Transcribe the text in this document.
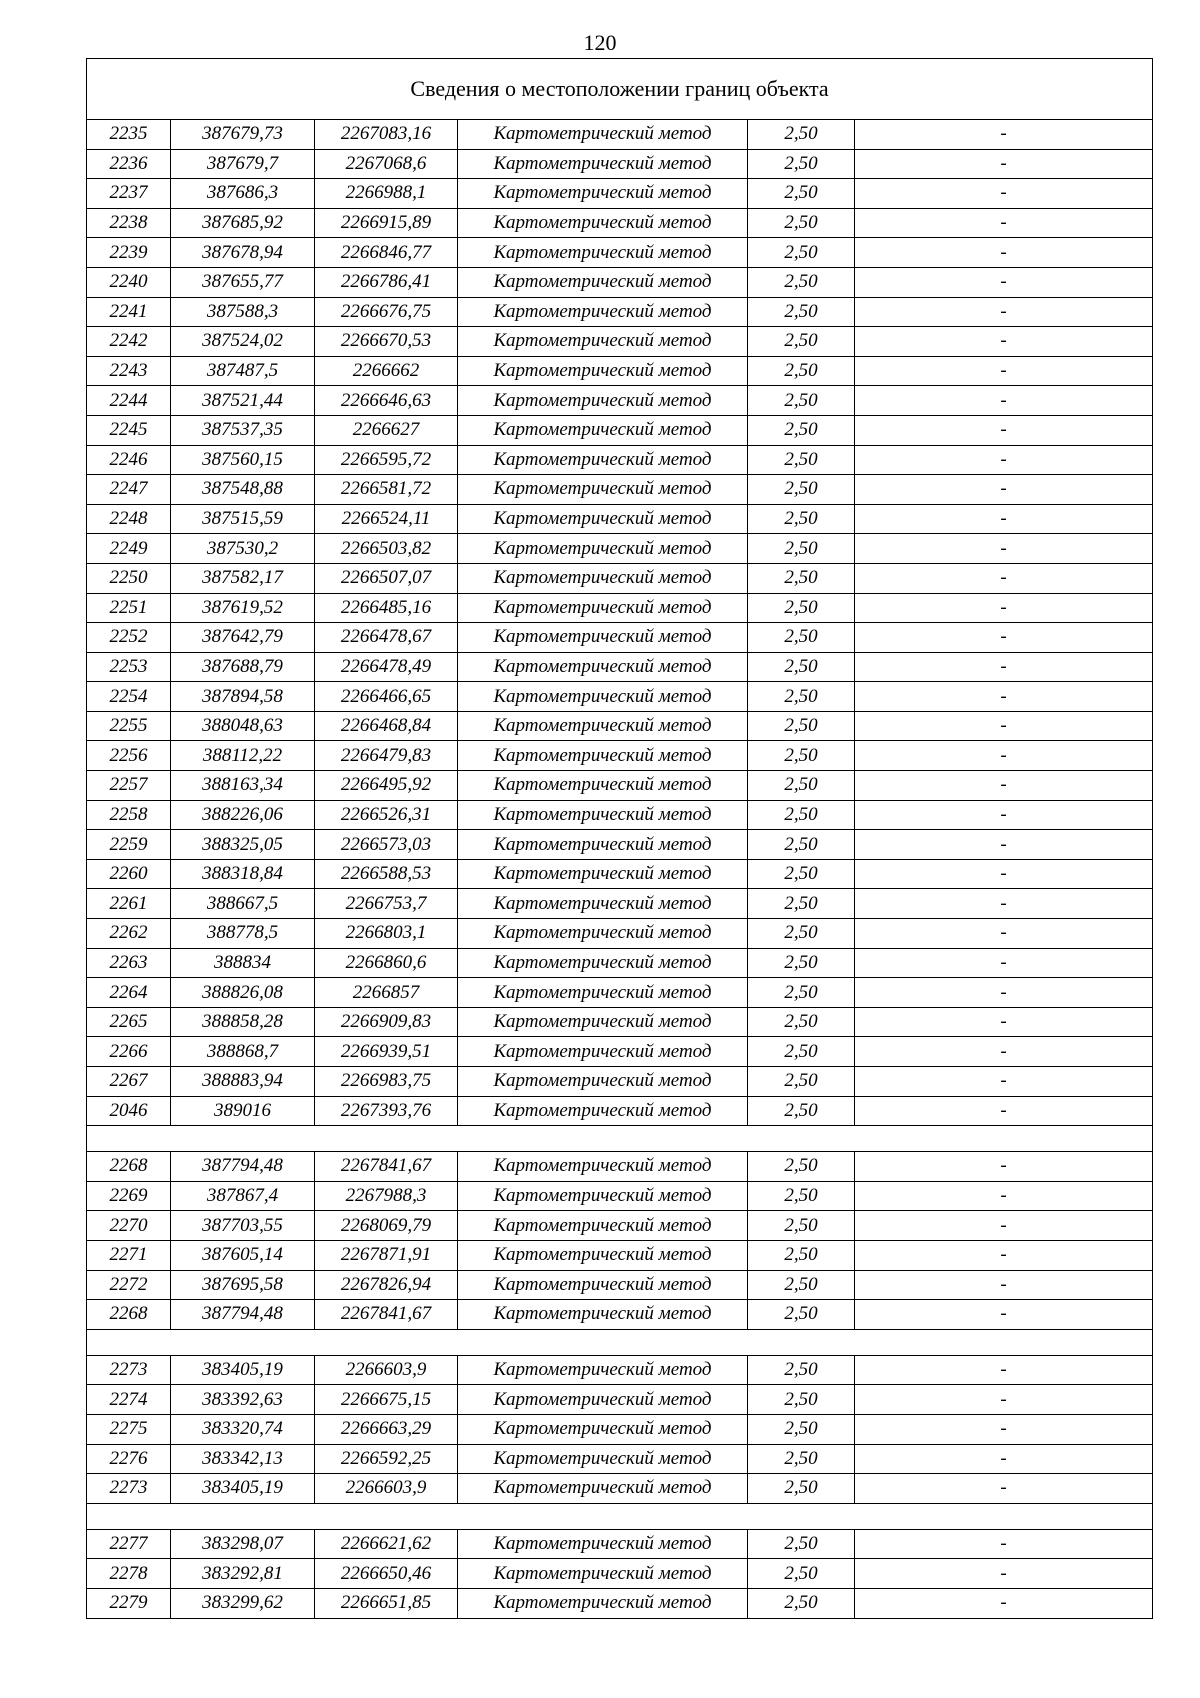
120
Сведения о местоположении границ объекта					
2235	387679,73	2267083,16	Картометрический метод	2,50	-
2236	387679,7	2267068,6	Картометрический метод	2,50	-
2237	387686,3	2266988,1	Картометрический метод	2,50	-
2238	387685,92	2266915,89	Картометрический метод	2,50	-
2239	387678,94	2266846,77	Картометрический метод	2,50	-
2240	387655,77	2266786,41	Картометрический метод	2,50	-
2241	387588,3	2266676,75	Картометрический метод	2,50	-
2242	387524,02	2266670,53	Картометрический метод	2,50	-
2243	387487,5	2266662	Картометрический метод	2,50	-
2244	387521,44	2266646,63	Картометрический метод	2,50	-
2245	387537,35	2266627	Картометрический метод	2,50	-
2246	387560,15	2266595,72	Картометрический метод	2,50	-
2247	387548,88	2266581,72	Картометрический метод	2,50	-
2248	387515,59	2266524,11	Картометрический метод	2,50	-
2249	387530,2	2266503,82	Картометрический метод	2,50	-
2250	387582,17	2266507,07	Картометрический метод	2,50	-
2251	387619,52	2266485,16	Картометрический метод	2,50	-
2252	387642,79	2266478,67	Картометрический метод	2,50	-
2253	387688,79	2266478,49	Картометрический метод	2,50	-
2254	387894,58	2266466,65	Картометрический метод	2,50	-
2255	388048,63	2266468,84	Картометрический метод	2,50	-
2256	388112,22	2266479,83	Картометрический метод	2,50	-
2257	388163,34	2266495,92	Картометрический метод	2,50	-
2258	388226,06	2266526,31	Картометрический метод	2,50	-
2259	388325,05	2266573,03	Картометрический метод	2,50	-
2260	388318,84	2266588,53	Картометрический метод	2,50	-
2261	388667,5	2266753,7	Картометрический метод	2,50	-
2262	388778,5	2266803,1	Картометрический метод	2,50	-
2263	388834	2266860,6	Картометрический метод	2,50	-
2264	388826,08	2266857	Картометрический метод	2,50	-
2265	388858,28	2266909,83	Картометрический метод	2,50	-
2266	388868,7	2266939,51	Картометрический метод	2,50	-
2267	388883,94	2266983,75	Картометрический метод	2,50	-
2046	389016	2267393,76	Картометрический метод	2,50	-

2268	387794,48	2267841,67	Картометрический метод	2,50	-
2269	387867,4	2267988,3	Картометрический метод	2,50	-
2270	387703,55	2268069,79	Картометрический метод	2,50	-
2271	387605,14	2267871,91	Картометрический метод	2,50	-
2272	387695,58	2267826,94	Картометрический метод	2,50	-
2268	387794,48	2267841,67	Картометрический метод	2,50	-

2273	383405,19	2266603,9	Картометрический метод	2,50	-
2274	383392,63	2266675,15	Картометрический метод	2,50	-
2275	383320,74	2266663,29	Картометрический метод	2,50	-
2276	383342,13	2266592,25	Картометрический метод	2,50	-
2273	383405,19	2266603,9	Картометрический метод	2,50	-

2277	383298,07	2266621,62	Картометрический метод	2,50	-
2278	383292,81	2266650,46	Картометрический метод	2,50	-
2279	383299,62	2266651,85	Картометрический метод	2,50	-
